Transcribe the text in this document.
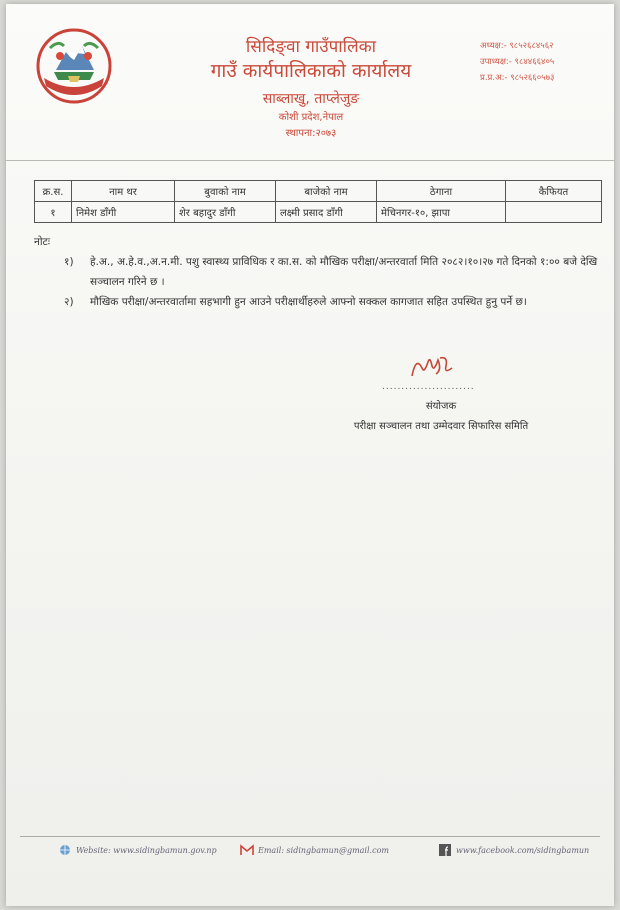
सिदिङ्वा गाउँपालिका
गाउँ कार्यपालिकाको कार्यालय
साब्लाखु, ताप्लेजुङ
कोशी प्रदेश,नेपाल
स्थापना:२०७३
अध्यक्ष:- ९८५२६८४५६२
उपाध्यक्ष:- ९८४४६६४०५
प्र.प्र.अ:- ९८५२६६०५७३
क्र.स.	नाम थर	बुवाको नाम	बाजेको नाम	ठेगाना	कैफियत
१	निमेश डाँगी	शेर बहादुर डाँगी	लक्ष्मी प्रसाद डाँगी	मेचिनगर-१०, झापा	
नोटः
१)	हे.अ., अ.हे.व.,अ.न.मी. पशु स्वास्थ्य प्राविधिक र का.स. को मौखिक परीक्षा/अन्तरवार्ता मिति २०८२।१०।२७ गते दिनको १:०० बजे देखि सञ्चालन गरिने छ ।
२)	मौखिक परीक्षा/अन्तरवार्तामा सहभागी हुन आउने परीक्षार्थीहरुले आफ्नो सक्कल कागजात सहित उपस्थित हुनु पर्ने छ।
........................
संयोजक
परीक्षा सञ्चालन तथा उम्मेदवार सिफारिस समिति
Website: www.sidingbamun.gov.np	Email: sidingbamun@gmail.com	www.facebook.com/sidingbamun
